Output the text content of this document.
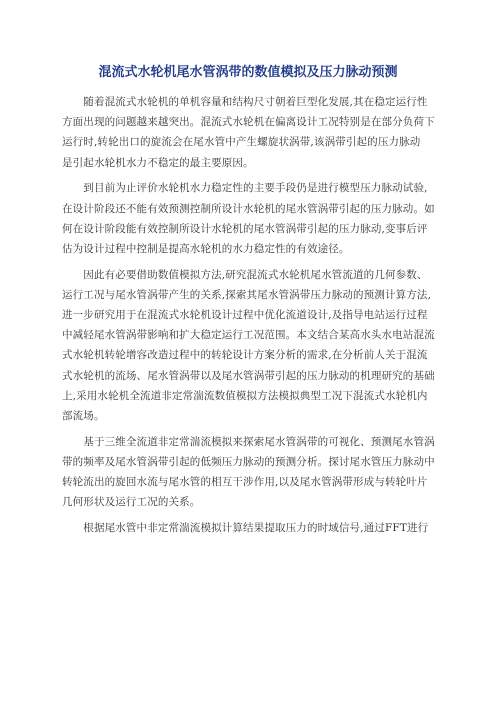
混流式水轮机尾水管涡带的数值模拟及压力脉动预测

　　随着混流式水轮机的单机容量和结构尺寸朝着巨型化发展,其在稳定运行性
方面出现的问题越来越突出。混流式水轮机在偏离设计工况特别是在部分负荷下
运行时,转轮出口的旋流会在尾水管中产生螺旋状涡带,该涡带引起的压力脉动
是引起水轮机水力不稳定的最主要原因。

　　到目前为止评价水轮机水力稳定性的主要手段仍是进行模型压力脉动试验,
在设计阶段还不能有效预测控制所设计水轮机的尾水管涡带引起的压力脉动。如
何在设计阶段能有效控制所设计水轮机的尾水管涡带引起的压力脉动,变事后评
估为设计过程中控制是提高水轮机的水力稳定性的有效途径。

　　因此有必要借助数值模拟方法,研究混流式水轮机尾水管流道的几何参数、
运行工况与尾水管涡带产生的关系,探索其尾水管涡带压力脉动的预测计算方法,
进一步研究用于在混流式水轮机设计过程中优化流道设计,及指导电站运行过程
中减轻尾水管涡带影响和扩大稳定运行工况范围。本文结合某高水头水电站混流
式水轮机转轮增容改造过程中的转轮设计方案分析的需求,在分析前人关于混流
式水轮机的流场、尾水管涡带以及尾水管涡带引起的压力脉动的机理研究的基础
上,采用水轮机全流道非定常湍流数值模拟方法模拟典型工况下混流式水轮机内
部流场。

　　基于三维全流道非定常湍流模拟来探索尾水管涡带的可视化、预测尾水管涡
带的频率及尾水管涡带引起的低频压力脉动的预测分析。探讨尾水管压力脉动中
转轮流出的旋回水流与尾水管的相互干涉作用,以及尾水管涡带形成与转轮叶片
几何形状及运行工况的关系。

　　根据尾水管中非定常湍流模拟计算结果提取压力的时域信号,通过FFT进行
